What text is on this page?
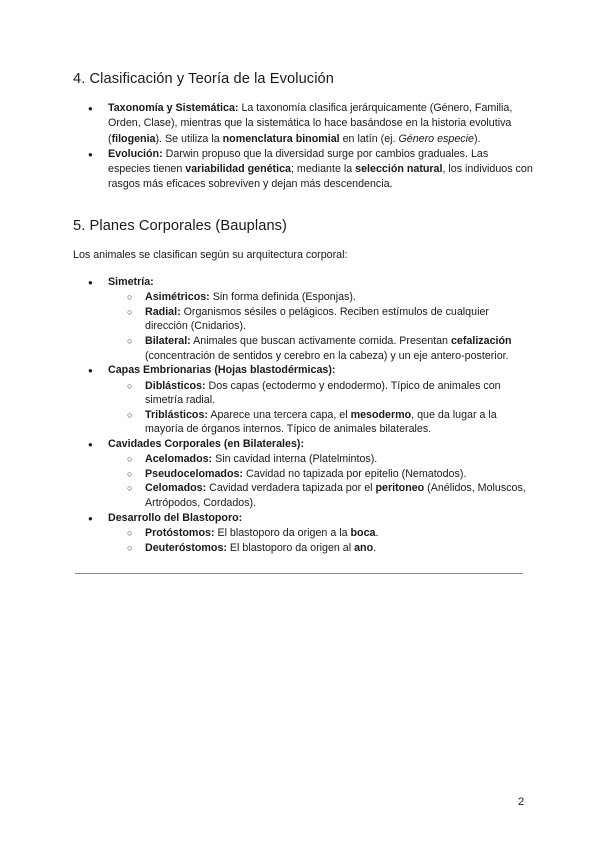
4. Clasificación y Teoría de la Evolución
● Taxonomía y Sistemática: La taxonomía clasifica jerárquicamente (Género, Familia, Orden, Clase), mientras que la sistemática lo hace basándose en la historia evolutiva (filogenia). Se utiliza la nomenclatura binomial en latín (ej. Género especie).
● Evolución: Darwin propuso que la diversidad surge por cambios graduales. Las especies tienen variabilidad genética; mediante la selección natural, los individuos con rasgos más eficaces sobreviven y dejan más descendencia.
5. Planes Corporales (Bauplans)

Los animales se clasifican según su arquitectura corporal:

● Simetría:
○ Asimétricos: Sin forma definida (Esponjas).
○ Radial: Organismos sésiles o pelágicos. Reciben estímulos de cualquier dirección (Cnidarios).
○ Bilateral: Animales que buscan activamente comida. Presentan cefalización (concentración de sentidos y cerebro en la cabeza) y un eje antero-posterior.
● Capas Embrionarias (Hojas blastodérmicas):
○ Diblásticos: Dos capas (ectodermo y endodermo). Típico de animales con simetría radial.
○ Triblásticos: Aparece una tercera capa, el mesodermo, que da lugar a la mayoría de órganos internos. Típico de animales bilaterales.
● Cavidades Corporales (en Bilaterales):
○ Acelomados: Sin cavidad interna (Platelmintos).
○ Pseudocelomados: Cavidad no tapizada por epitelio (Nematodos).
○ Celomados: Cavidad verdadera tapizada por el peritoneo (Anélidos, Moluscos, Artrópodos, Cordados).
● Desarrollo del Blastoporo:
○ Protóstomos: El blastoporo da origen a la boca.
○ Deuteróstomos: El blastoporo da origen al ano.
2
